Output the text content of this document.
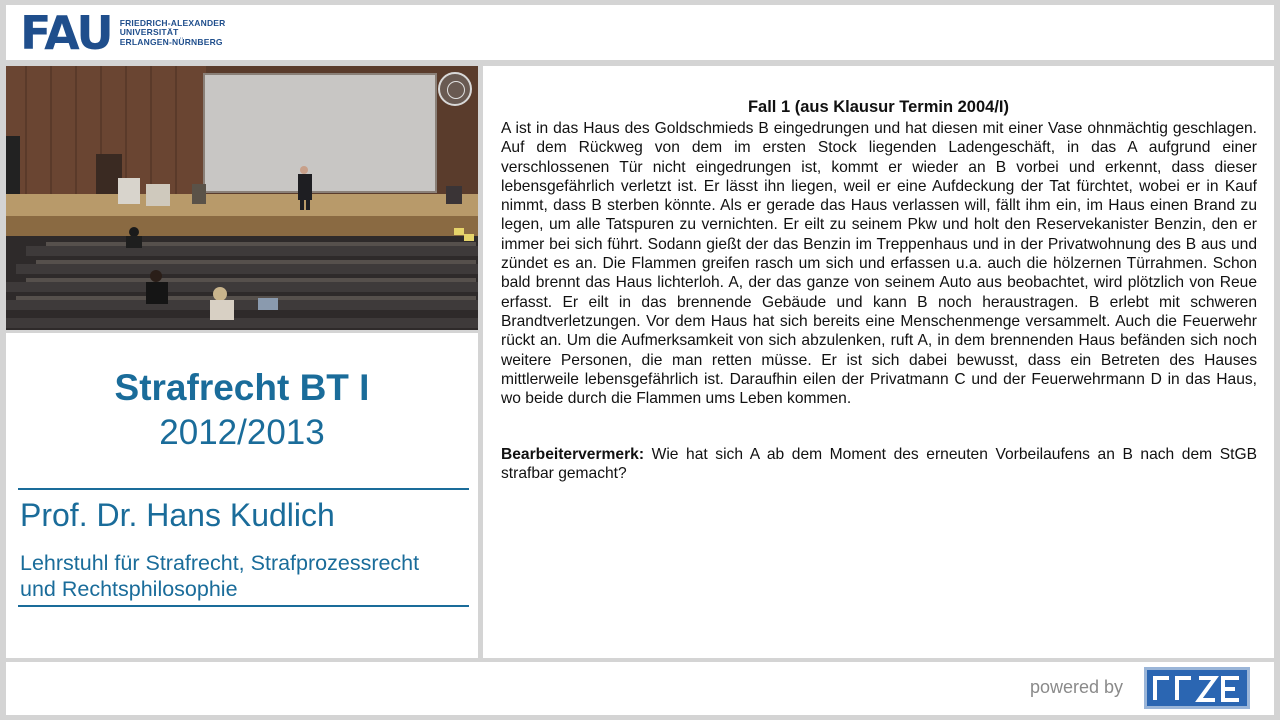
FAU FRIEDRICH-ALEXANDER
UNIVERSITÄT
ERLANGEN-NÜRNBERG
Strafrecht BT I
2012/2013
Prof. Dr. Hans Kudlich
Lehrstuhl für Strafrecht, Strafprozessrecht
und Rechtsphilosophie
Fall 1 (aus Klausur Termin 2004/I)
A ist in das Haus des Goldschmieds B eingedrungen und hat diesen mit einer Vase ohnmächtig geschlagen. Auf dem Rückweg von dem im ersten Stock liegenden Ladengeschäft, in das A aufgrund einer verschlossenen Tür nicht eingedrungen ist, kommt er wieder an B vorbei und erkennt, dass dieser lebensgefährlich verletzt ist. Er lässt ihn liegen, weil er eine Aufdeckung der Tat fürchtet, wobei er in Kauf nimmt, dass B sterben könnte. Als er gerade das Haus verlassen will, fällt ihm ein, im Haus einen Brand zu legen, um alle Tatspuren zu vernichten. Er eilt zu seinem Pkw und holt den Reservekanister Benzin, den er immer bei sich führt. Sodann gießt der das Benzin im Treppenhaus und in der Privatwohnung des B aus und zündet es an. Die Flammen greifen rasch um sich und erfassen u.a. auch die hölzernen Türrahmen. Schon bald brennt das Haus lichterloh. A, der das ganze von seinem Auto aus beobachtet, wird plötzlich von Reue erfasst. Er eilt in das brennende Gebäude und kann B noch heraustragen. B erlebt mit schweren Brandtverletzungen. Vor dem Haus hat sich bereits eine Menschenmenge versammelt. Auch die Feuerwehr rückt an. Um die Aufmerksamkeit von sich abzulenken, ruft A, in dem brennenden Haus befänden sich noch weitere Personen, die man retten müsse. Er ist sich dabei bewusst, dass ein Betreten des Hauses mittlerweile lebensgefährlich ist. Daraufhin eilen der Privatmann C und der Feuerwehrmann D in das Haus, wo beide durch die Flammen ums Leben kommen.
Bearbeitervermerk: Wie hat sich A ab dem Moment des erneuten Vorbeilaufens an B nach dem StGB strafbar gemacht?
powered by
